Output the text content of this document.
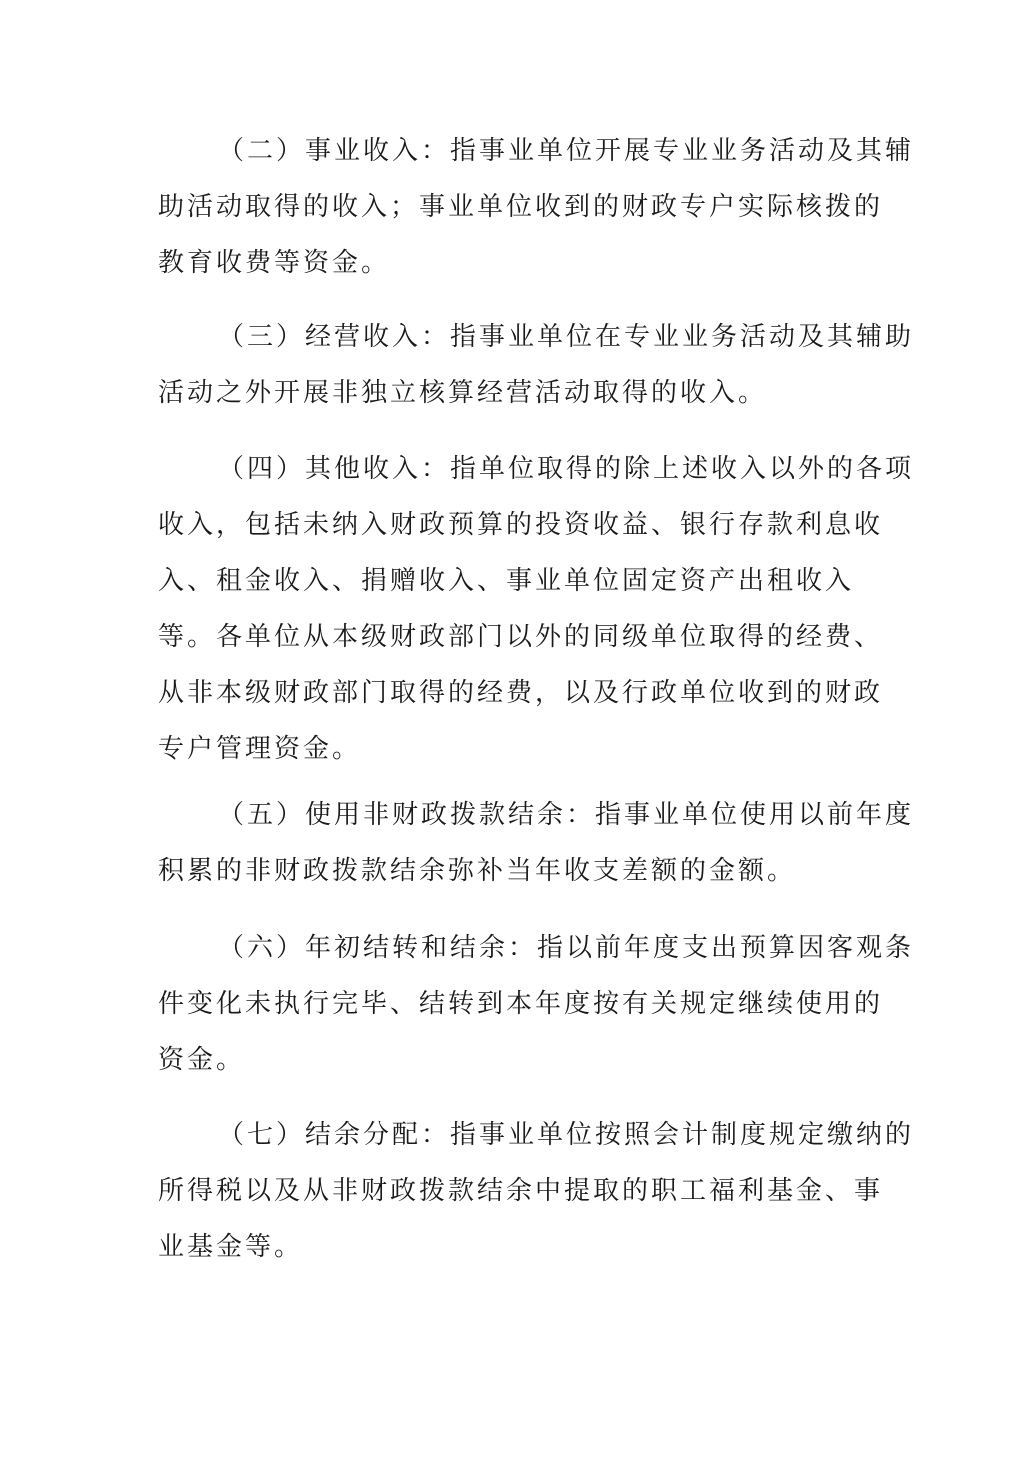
（二）事业收入：指事业单位开展专业业务活动及其辅
助活动取得的收入；事业单位收到的财政专户实际核拨的
教育收费等资金。
（三）经营收入：指事业单位在专业业务活动及其辅助
活动之外开展非独立核算经营活动取得的收入。
（四）其他收入：指单位取得的除上述收入以外的各项
收入，包括未纳入财政预算的投资收益、银行存款利息收
入、租金收入、捐赠收入、事业单位固定资产出租收入
等。各单位从本级财政部门以外的同级单位取得的经费、
从非本级财政部门取得的经费，以及行政单位收到的财政
专户管理资金。
（五）使用非财政拨款结余：指事业单位使用以前年度
积累的非财政拨款结余弥补当年收支差额的金额。
（六）年初结转和结余：指以前年度支出预算因客观条
件变化未执行完毕、结转到本年度按有关规定继续使用的
资金。
（七）结余分配：指事业单位按照会计制度规定缴纳的
所得税以及从非财政拨款结余中提取的职工福利基金、事
业基金等。
